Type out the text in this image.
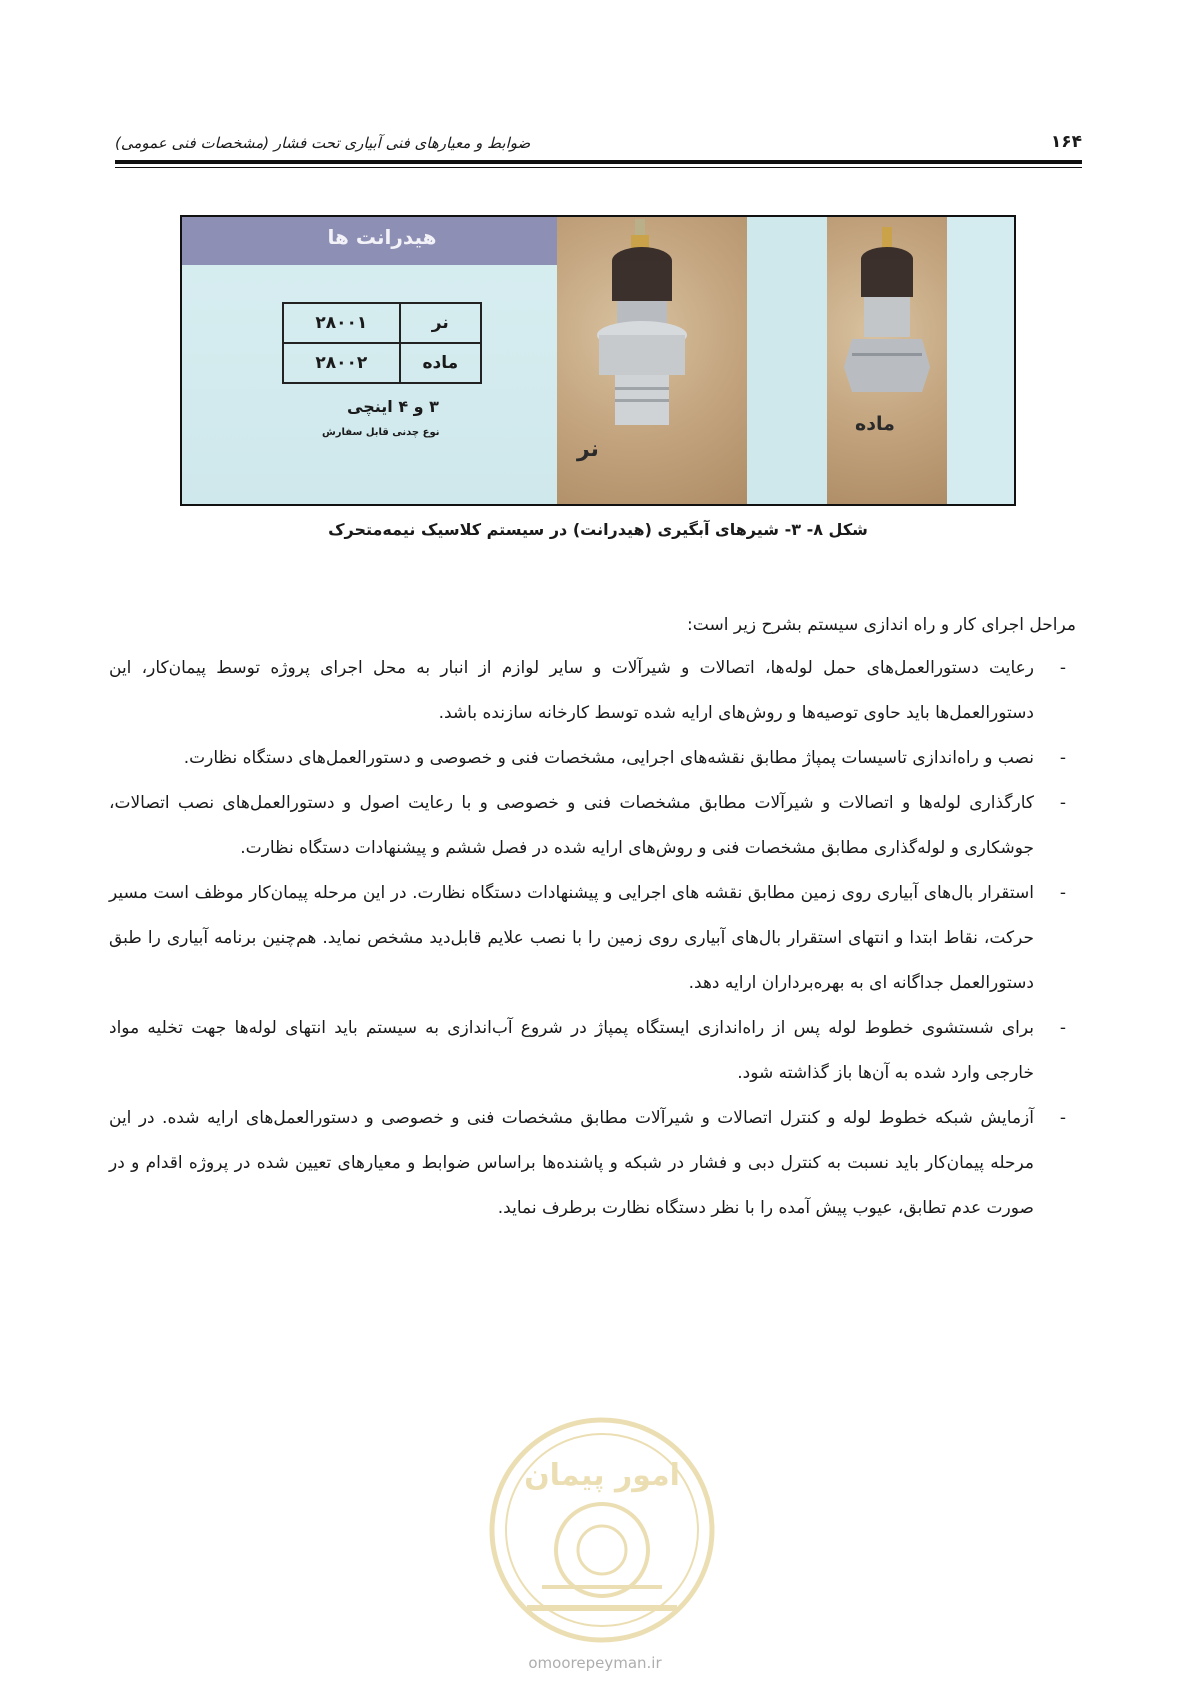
۱۶۴
ضوابط و معیارهای فنی آبیاری تحت فشار (مشخصات فنی عمومی)
هیدرانت ها
نر	۲۸۰۰۱
ماده	۲۸۰۰۲
۳ و ۴ اینچی
نوع چدنی قابل سفارش
نر
ماده
شکل ۸- ۳- شیرهای آبگیری (هیدرانت) در سیستم کلاسیک نیمه‌متحرک

مراحل اجرای کار و راه اندازی سیستم بشرح زیر است:

- رعایت دستورالعمل‌های حمل لوله‌ها، اتصالات و شیرآلات و سایر لوازم از انبار به محل اجرای پروژه توسط پیمان‌کار، این دستورالعمل‌ها باید حاوی توصیه‌ها و روش‌های ارایه شده توسط کارخانه سازنده باشد.
- نصب و راه‌اندازی تاسیسات پمپاژ مطابق نقشه‌های اجرایی، مشخصات فنی و خصوصی و دستورالعمل‌های دستگاه نظارت.
- کارگذاری لوله‌ها و اتصالات و شیرآلات مطابق مشخصات فنی و خصوصی و با رعایت اصول و دستورالعمل‌های نصب اتصالات، جوشکاری و لوله‌گذاری مطابق مشخصات فنی و روش‌های ارایه شده در فصل ششم و پیشنهادات دستگاه نظارت.
- استقرار بال‌های آبیاری روی زمین مطابق نقشه های اجرایی و پیشنهادات دستگاه نظارت. در این مرحله پیمان‌کار موظف است مسیر حرکت، نقاط ابتدا و انتهای استقرار بال‌های آبیاری روی زمین را با نصب علایم قابل‌دید مشخص نماید. هم‌چنین برنامه آبیاری را طبق دستورالعمل جداگانه ای به بهره‌برداران ارایه دهد.
- برای شستشوی خطوط لوله پس از راه‌اندازی ایستگاه پمپاژ در شروع آب‌اندازی به سیستم باید انتهای لوله‌ها جهت تخلیه مواد خارجی وارد شده به آن‌ها باز گذاشته شود.
- آزمایش شبکه خطوط لوله و کنترل اتصالات و شیرآلات مطابق مشخصات فنی و خصوصی و دستورالعمل‌های ارایه شده. در این مرحله پیمان‌کار باید نسبت به کنترل دبی و فشار در شبکه و پاشنده‌ها براساس ضوابط و معیارهای تعیین شده در پروژه اقدام و در صورت عدم تطابق، عیوب پیش آمده را با نظر دستگاه نظارت برطرف نماید.
امور پیمان
omoorepeyman.ir
